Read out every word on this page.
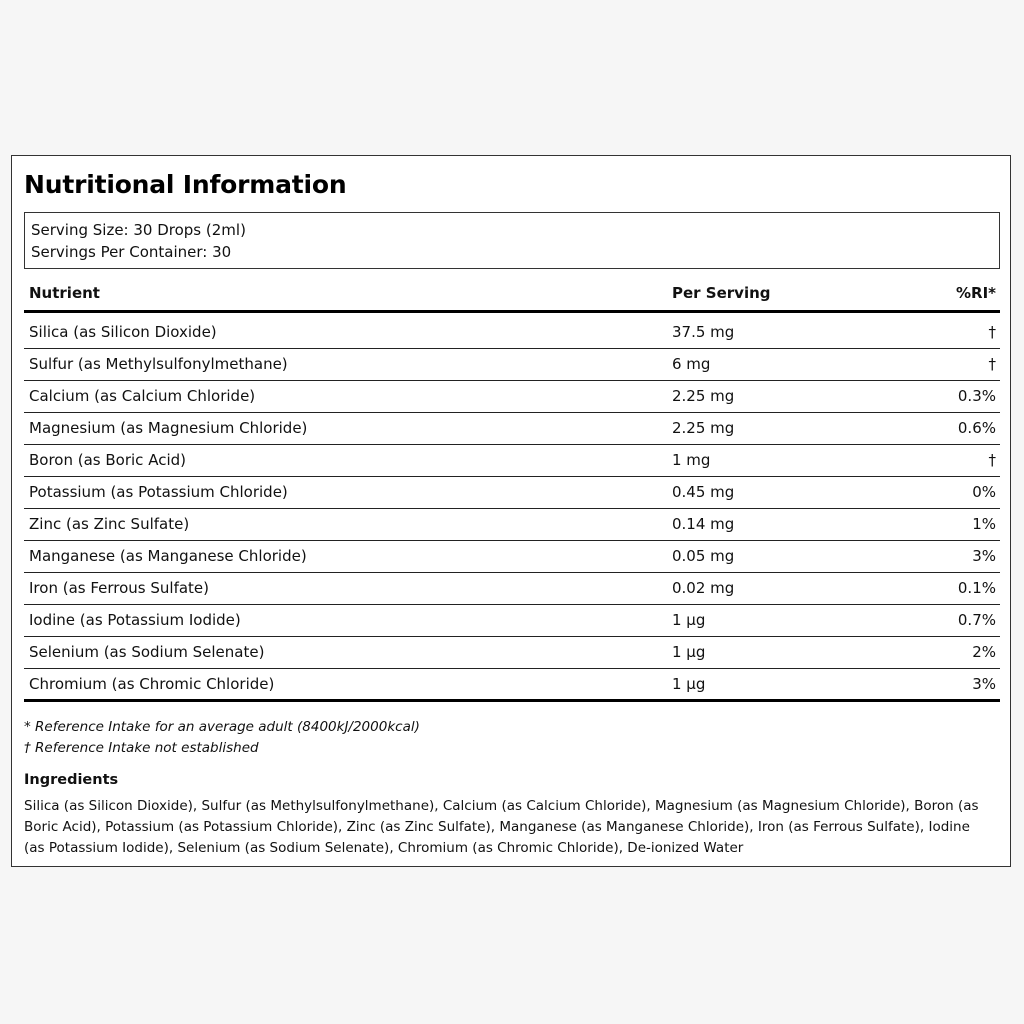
Nutritional Information
Serving Size: 30 Drops (2ml)
Servings Per Container: 30
Nutrient	Per Serving	%RI*
Silica (as Silicon Dioxide)	37.5 mg	†
Sulfur (as Methylsulfonylmethane)	6 mg	†
Calcium (as Calcium Chloride)	2.25 mg	0.3%
Magnesium (as Magnesium Chloride)	2.25 mg	0.6%
Boron (as Boric Acid)	1 mg	†
Potassium (as Potassium Chloride)	0.45 mg	0%
Zinc (as Zinc Sulfate)	0.14 mg	1%
Manganese (as Manganese Chloride)	0.05 mg	3%
Iron (as Ferrous Sulfate)	0.02 mg	0.1%
Iodine (as Potassium Iodide)	1 µg	0.7%
Selenium (as Sodium Selenate)	1 µg	2%
Chromium (as Chromic Chloride)	1 µg	3%
* Reference Intake for an average adult (8400kJ/2000kcal)
† Reference Intake not established
Ingredients
Silica (as Silicon Dioxide), Sulfur (as Methylsulfonylmethane), Calcium (as Calcium Chloride), Magnesium (as Magnesium Chloride), Boron (as Boric Acid), Potassium (as Potassium Chloride), Zinc (as Zinc Sulfate), Manganese (as Manganese Chloride), Iron (as Ferrous Sulfate), Iodine (as Potassium Iodide), Selenium (as Sodium Selenate), Chromium (as Chromic Chloride), De-ionized Water
